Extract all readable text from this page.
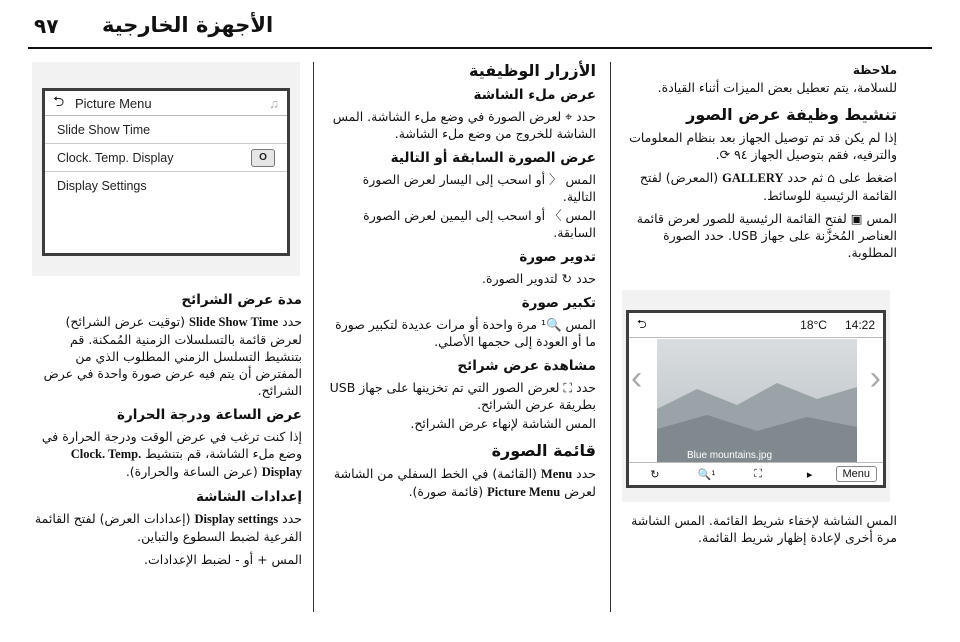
٩٧ الأجهزة الخارجية

ملاحظة

للسلامة، يتم تعطيل بعض الميزات أثناء القيادة.

تنشيط وظيفة عرض الصور

إذا لم يكن قد تم توصيل الجهاز بعد بنظام المعلومات والترفيه، فقم بتوصيل الجهاز ٩٤ ⟳.

اضغط على ⌂ ثم حدد GALLERY (المعرض) لفتح القائمة الرئيسية للوسائط.

المس ▣ لفتح القائمة الرئيسية للصور لعرض قائمة العناصر المُخزَّنة على جهاز USB. حدد الصورة المطلوبة.

⮌	18°C 14:22
‹
Blue mountains.jpg
›
↻	🔍¹	⛶	▸	Menu

المس الشاشة لإخفاء شريط القائمة. المس الشاشة مرة أخرى لإعادة إظهار شريط القائمة.

الأزرار الوظيفية
عرض ملء الشاشة

حدد ⌖ لعرض الصورة في وضع ملء الشاشة. المس الشاشة للخروج من وضع ملء الشاشة.

عرض الصورة السابقة أو التالية

المس 〈 أو اسحب إلى اليسار لعرض الصورة التالية.

المس 〉 أو اسحب إلى اليمين لعرض الصورة السابقة.

تدوير صورة

حدد ↻ لتدوير الصورة.

تكبير صورة

المس 🔍¹ مرة واحدة أو مرات عديدة لتكبير صورة ما أو العودة إلى حجمها الأصلي.

مشاهدة عرض شرائح

حدد ⛶ لعرض الصور التي تم تخزينها على جهاز USB بطريقة عرض الشرائح.

المس الشاشة لإنهاء عرض الشرائح.

قائمة الصورة

حدد Menu (القائمة) في الخط السفلي من الشاشة لعرض Picture Menu (قائمة صورة).

⮌ Picture Menu	♫
Slide Show Time
Clock. Temp. Display	O
Display Settings
مدة عرض الشرائح

حدد Slide Show Time (توقيت عرض الشرائح) لعرض قائمة بالتسلسلات الزمنية المُمكنة. قم بتنشيط التسلسل الزمني المطلوب الذي من المفترض أن يتم فيه عرض صورة واحدة في عرض الشرائح.

عرض الساعة ودرجة الحرارة

إذا كنت ترغب في عرض الوقت ودرجة الحرارة في وضع ملء الشاشة، قم بتنشيط Clock. Temp. Display (عرض الساعة والحرارة).

إعدادات الشاشة

حدد Display settings (إعدادات العرض) لفتح القائمة الفرعية لضبط السطوع والتباين.

المس + أو - لضبط الإعدادات.
